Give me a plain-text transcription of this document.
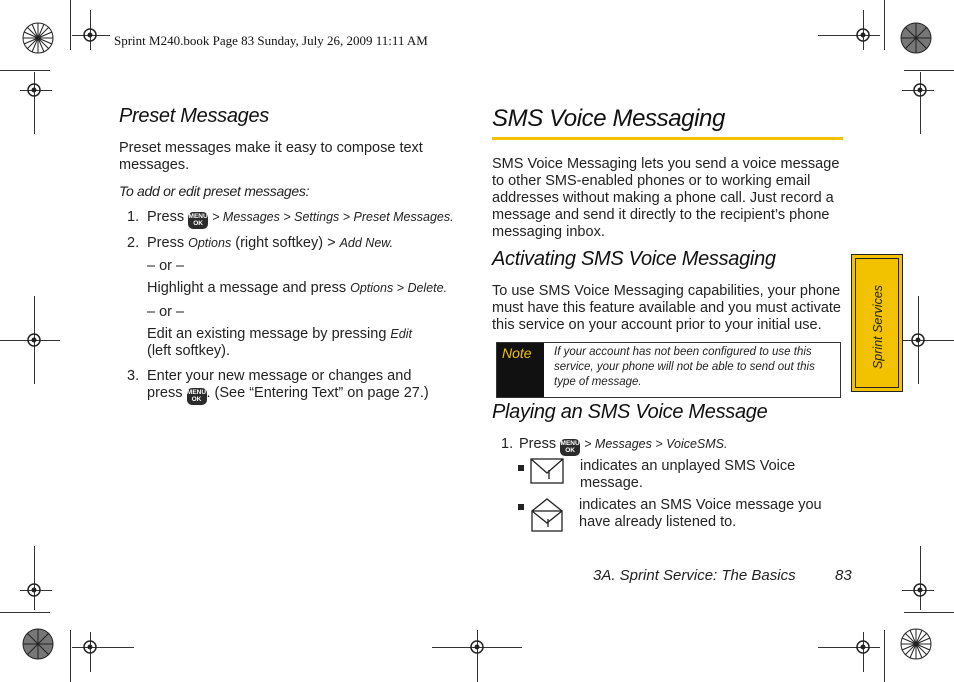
Sprint M240.book Page 83 Sunday, July 26, 2009 11:11 AM
Preset Messages
Preset messages make it easy to compose text messages.
To add or edit preset messages:
1. Press MENU
OK > Messages > Settings > Preset Messages.
2. Press Options (right softkey) > Add New.
– or –
Highlight a message and press Options > Delete.
– or –
Edit an existing message by pressing Edit
(left softkey).
3. Enter your new message or changes and
press MENU
OK . (See “Entering Text” on page 27.)
SMS Voice Messaging
SMS Voice Messaging lets you send a voice message
to other SMS-enabled phones or to working email
addresses without making a phone call. Just record a
message and send it directly to the recipient’s phone
messaging inbox.
Activating SMS Voice Messaging
To use SMS Voice Messaging capabilities, your phone
must have this feature available and you must activate
this service on your account prior to your initial use.
Note	If your account has not been configured to use this
service, your phone will not be able to send out this
type of message.
Playing an SMS Voice Message
1. Press MENU
OK > Messages > VoiceSMS.
indicates an unplayed SMS Voice
message.
indicates an SMS Voice message you
have already listened to.
Sprint Services
3A. Sprint Service: The Basics	83
